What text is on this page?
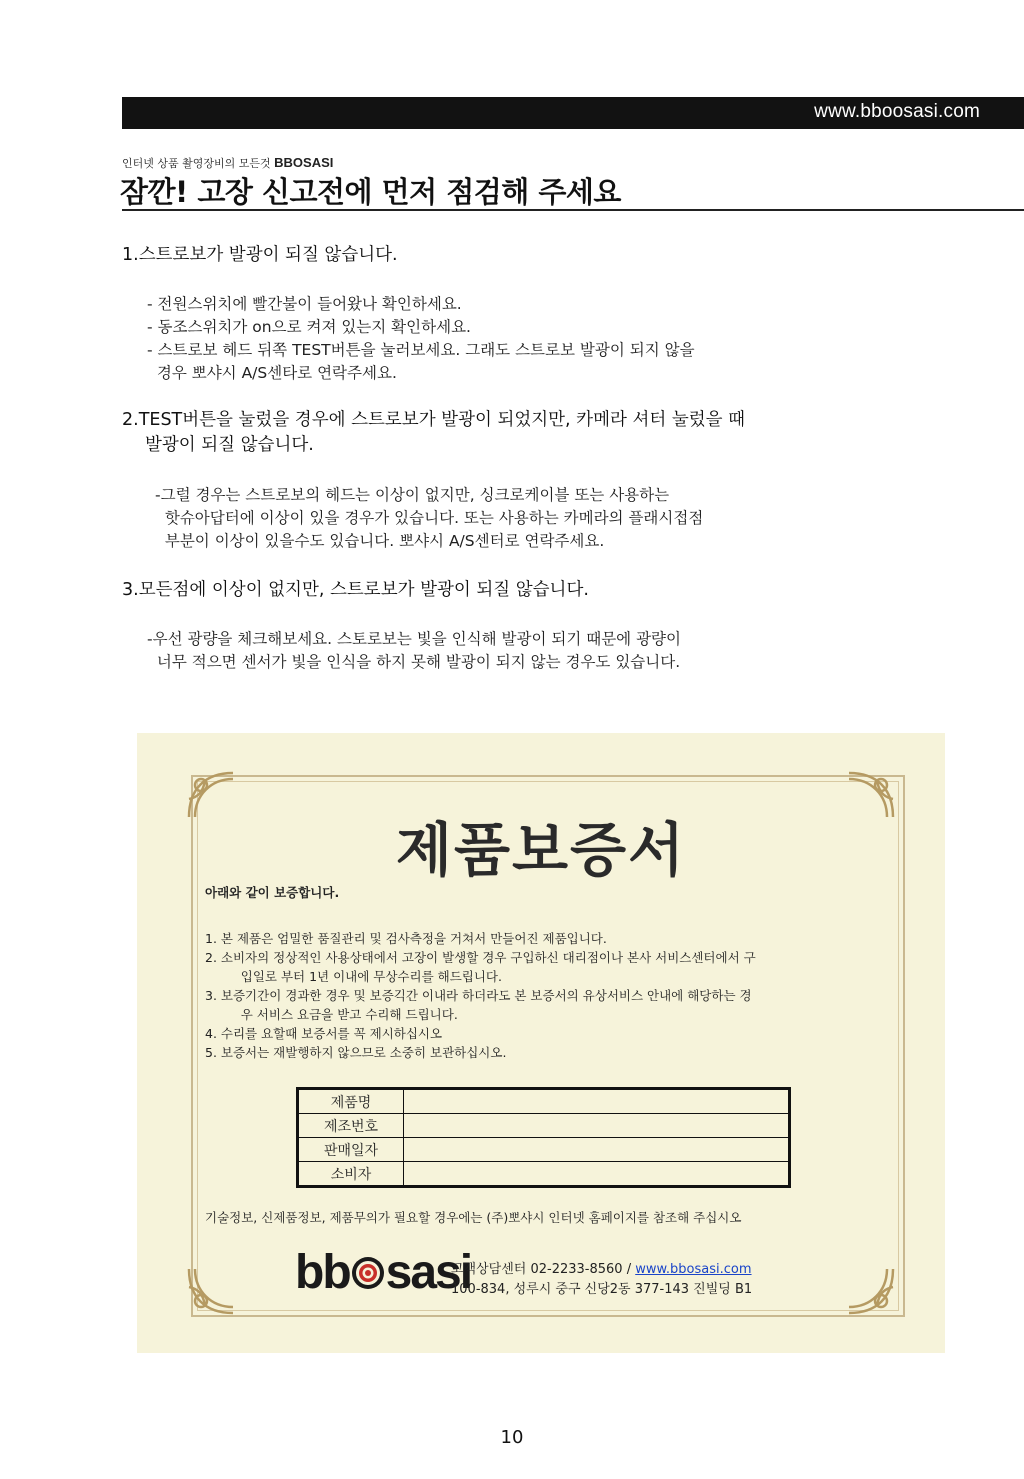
www.bboosasi.com
인터넷 상품 촬영장비의 모든것 BBOSASI
잠깐! 고장 신고전에 먼저 점검해 주세요
1.스트로보가 발광이 되질 않습니다.
- 전원스위치에 빨간불이 들어왔나 확인하세요.
- 동조스위치가 on으로 켜져 있는지 확인하세요.
- 스트로보 헤드 뒤쪽 TEST버튼을 눌러보세요. 그래도 스트로보 발광이 되지 않을
경우 뽀샤시 A/S센타로 연락주세요.
2.TEST버튼을 눌렀을 경우에 스트로보가 발광이 되었지만, 카메라 셔터 눌렀을 때
발광이 되질 않습니다.
-그럴 경우는 스트로보의 헤드는 이상이 없지만, 싱크로케이블 또는 사용하는
핫슈아답터에 이상이 있을 경우가 있습니다. 또는 사용하는 카메라의 플래시접점
부분이 이상이 있을수도 있습니다. 뽀샤시 A/S센터로 연락주세요.
3.모든점에 이상이 없지만, 스트로보가 발광이 되질 않습니다.
-우선 광량을 체크해보세요. 스토로보는 빛을 인식해 발광이 되기 때문에 광량이
너무 적으면 센서가 빛을 인식을 하지 못해 발광이 되지 않는 경우도 있습니다.
제품보증서
아래와 같이 보증합니다.
1. 본 제품은 엄밀한 품질관리 및 검사측정을 거쳐서 만들어진 제품입니다.
2. 소비자의 정상적인 사용상태에서 고장이 발생할 경우 구입하신 대리점이나 본사 서비스센터에서 구
입일로 부터 1년 이내에 무상수리를 해드립니다.
3. 보증기간이 경과한 경우 및 보증긱간 이내라 하더라도 본 보증서의 유상서비스 안내에 해당하는 경
우 서비스 요금을 받고 수리해 드립니다.
4. 수리를 요할때 보증서를 꼭 제시하십시오
5. 보증서는 재발행하지 않으므로 소중히 보관하십시오.
제품명	
제조번호	
판매일자	
소비자	
기술정보, 신제품정보, 제품무의가 필요할 경우에는 (주)뽀샤시 인터넷 홈페이지를 참조해 주십시오
bb sasi
고객상담센터 02-2233-8560 / www.bbosasi.com
100-834, 성루시 중구 신당2동 377-143 진빌딩 B1
10
